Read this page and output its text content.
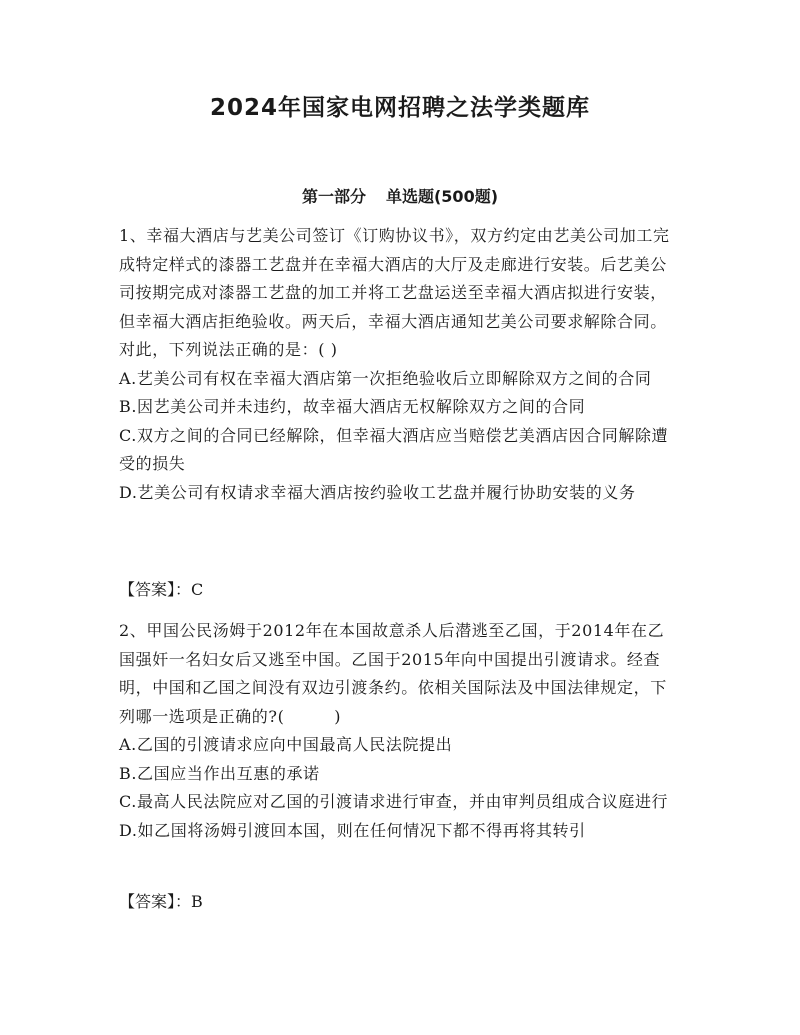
2024年国家电网招聘之法学类题库
第一部分 单选题(500题)

1、幸福大酒店与艺美公司签订《订购协议书》，双方约定由艺美公司加工完成特定样式的漆器工艺盘并在幸福大酒店的大厅及走廊进行安装。后艺美公司按期完成对漆器工艺盘的加工并将工艺盘运送至幸福大酒店拟进行安装，但幸福大酒店拒绝验收。两天后，幸福大酒店通知艺美公司要求解除合同。对此，下列说法正确的是：( )

A.艺美公司有权在幸福大酒店第一次拒绝验收后立即解除双方之间的合同

B.因艺美公司并未违约，故幸福大酒店无权解除双方之间的合同

C.双方之间的合同已经解除，但幸福大酒店应当赔偿艺美酒店因合同解除遭受的损失

D.艺美公司有权请求幸福大酒店按约验收工艺盘并履行协助安装的义务

【答案】：C

2、甲国公民汤姆于2012年在本国故意杀人后潜逃至乙国，于2014年在乙国强奸一名妇女后又逃至中国。乙国于2015年向中国提出引渡请求。经查明，中国和乙国之间没有双边引渡条约。依相关国际法及中国法律规定，下列哪一选项是正确的?(　　　)

A.乙国的引渡请求应向中国最高人民法院提出

B.乙国应当作出互惠的承诺

C.最高人民法院应对乙国的引渡请求进行审查，并由审判员组成合议庭进行

D.如乙国将汤姆引渡回本国，则在任何情况下都不得再将其转引

【答案】：B
